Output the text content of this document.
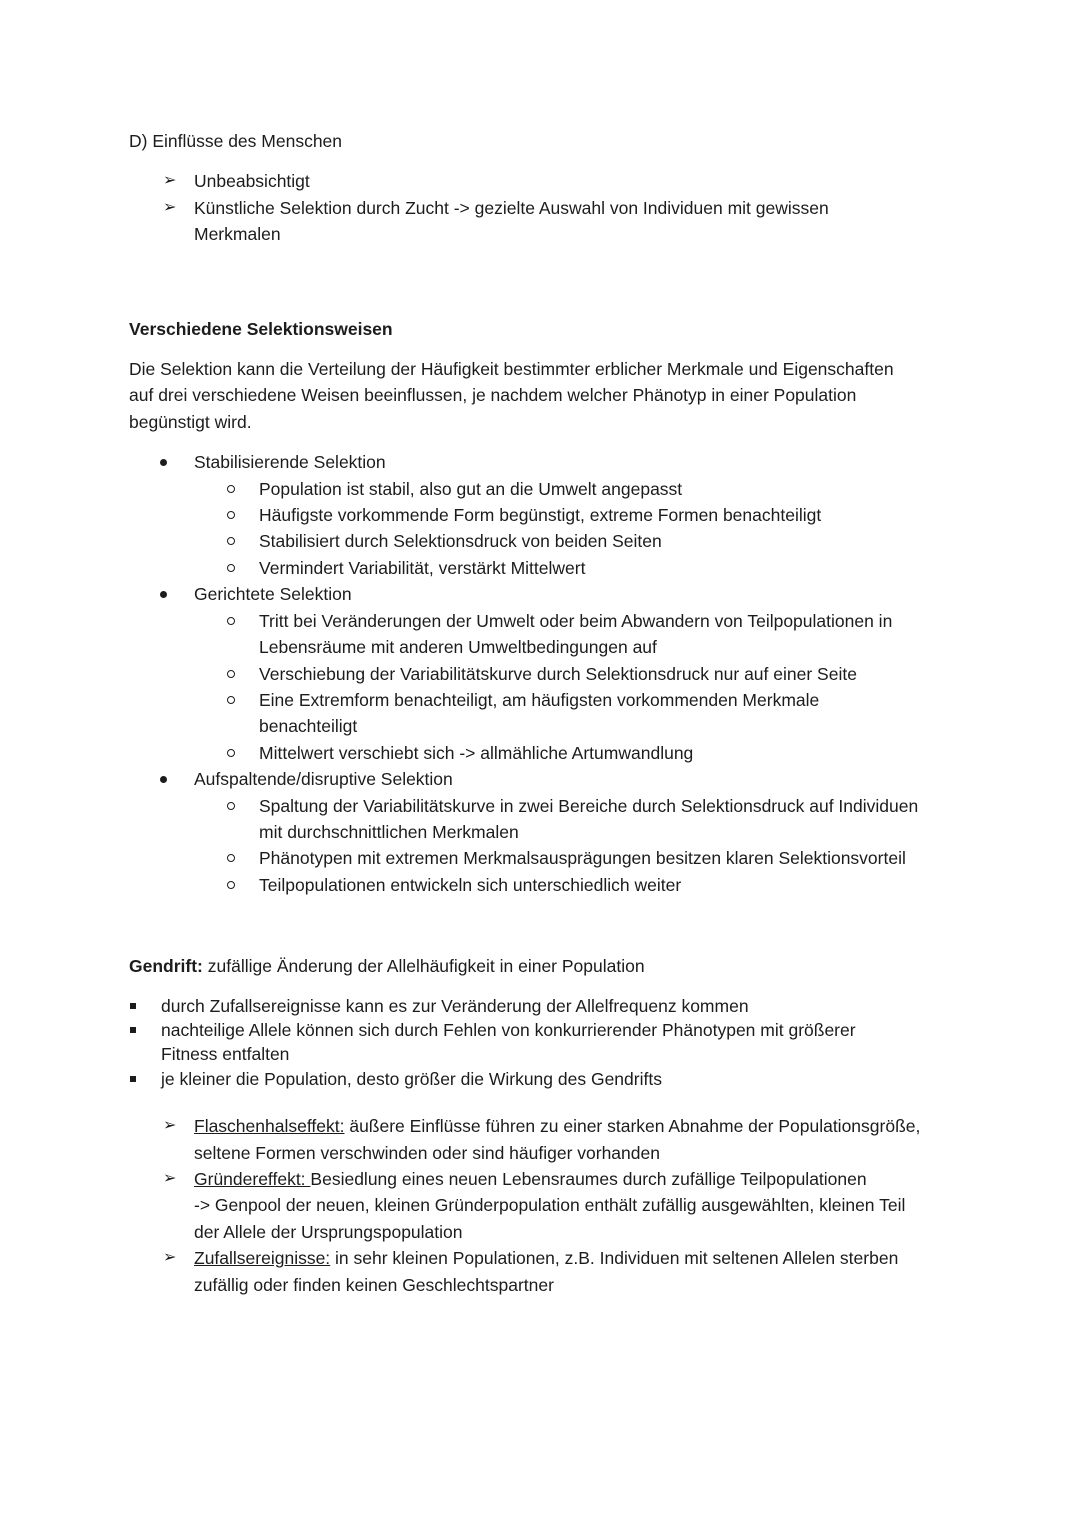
D) Einflüsse des Menschen
➢ Unbeabsichtigt
➢ Künstliche Selektion durch Zucht -> gezielte Auswahl von Individuen mit gewissen
Merkmalen
Verschiedene Selektionsweisen
Die Selektion kann die Verteilung der Häufigkeit bestimmter erblicher Merkmale und Eigenschaften
auf drei verschiedene Weisen beeinflussen, je nachdem welcher Phänotyp in einer Population
begünstigt wird.
Stabilisierende Selektion
Population ist stabil, also gut an die Umwelt angepasst
Häufigste vorkommende Form begünstigt, extreme Formen benachteiligt
Stabilisiert durch Selektionsdruck von beiden Seiten
Vermindert Variabilität, verstärkt Mittelwert
Gerichtete Selektion
Tritt bei Veränderungen der Umwelt oder beim Abwandern von Teilpopulationen in
Lebensräume mit anderen Umweltbedingungen auf
Verschiebung der Variabilitätskurve durch Selektionsdruck nur auf einer Seite
Eine Extremform benachteiligt, am häufigsten vorkommenden Merkmale
benachteiligt
Mittelwert verschiebt sich -> allmähliche Artumwandlung
Aufspaltende/disruptive Selektion
Spaltung der Variabilitätskurve in zwei Bereiche durch Selektionsdruck auf Individuen
mit durchschnittlichen Merkmalen
Phänotypen mit extremen Merkmalsausprägungen besitzen klaren Selektionsvorteil
Teilpopulationen entwickeln sich unterschiedlich weiter
Gendrift: zufällige Änderung der Allelhäufigkeit in einer Population
durch Zufallsereignisse kann es zur Veränderung der Allelfrequenz kommen
nachteilige Allele können sich durch Fehlen von konkurrierender Phänotypen mit größerer
Fitness entfalten
je kleiner die Population, desto größer die Wirkung des Gendrifts
➢ Flaschenhalseffekt: äußere Einflüsse führen zu einer starken Abnahme der Populationsgröße,
seltene Formen verschwinden oder sind häufiger vorhanden
➢ Gründereffekt: Besiedlung eines neuen Lebensraumes durch zufällige Teilpopulationen
-> Genpool der neuen, kleinen Gründerpopulation enthält zufällig ausgewählten, kleinen Teil
der Allele der Ursprungspopulation
➢ Zufallsereignisse: in sehr kleinen Populationen, z.B. Individuen mit seltenen Allelen sterben
zufällig oder finden keinen Geschlechtspartner
